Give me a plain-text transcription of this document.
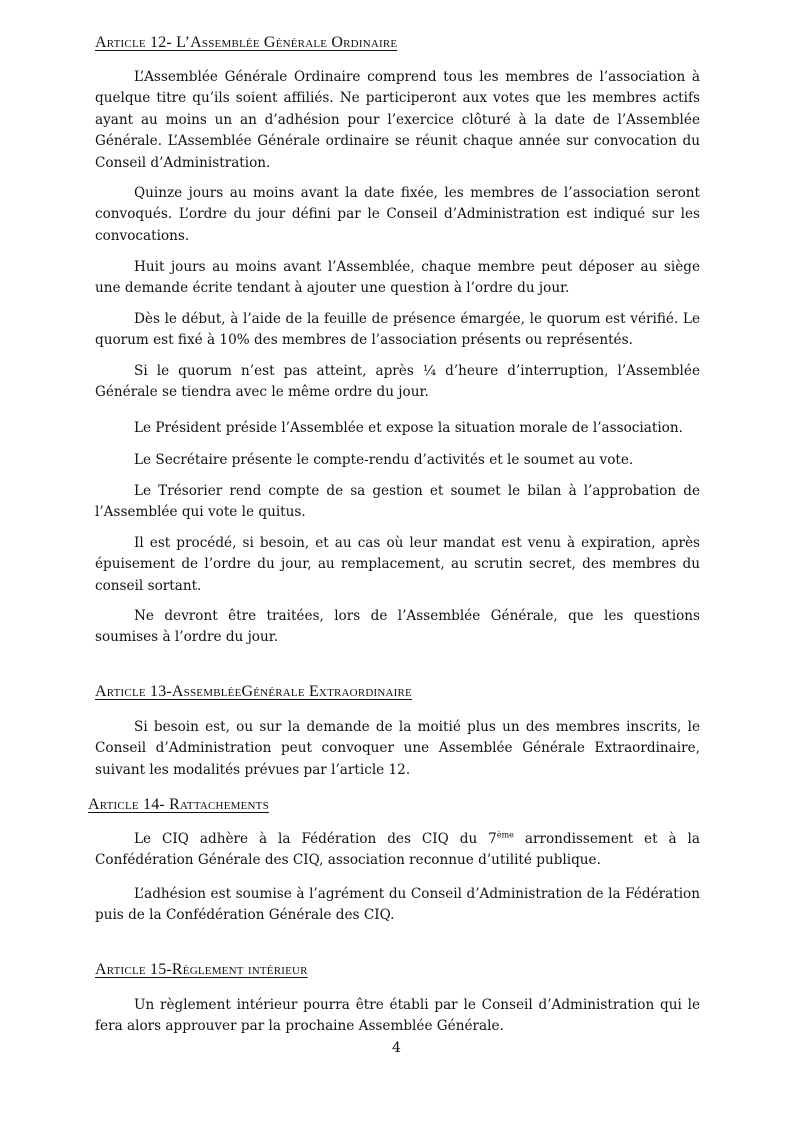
Article 12- L’Assemblée Générale Ordinaire

L’Assemblée Générale Ordinaire comprend tous les membres de l’association à quelque titre qu’ils soient affiliés. Ne participeront aux votes que les membres actifs ayant au moins un an d’adhésion pour l’exercice clôturé à la date de l’Assemblée Générale. L’Assemblée Générale ordinaire se réunit chaque année sur convocation du Conseil d’Administration.

Quinze jours au moins avant la date fixée, les membres de l’association seront convoqués. L’ordre du jour défini par le Conseil d’Administration est indiqué sur les convocations.

Huit jours au moins avant l’Assemblée, chaque membre peut déposer au siège une demande écrite tendant à ajouter une question à l’ordre du jour.

Dès le début, à l’aide de la feuille de présence émargée, le quorum est vérifié. Le quorum est fixé à 10% des membres de l’association présents ou représentés.

Si le quorum n’est pas atteint, après ¼ d’heure d’interruption, l’Assemblée Générale se tiendra avec le même ordre du jour.

Le Président préside l’Assemblée et expose la situation morale de l’association.

Le Secrétaire présente le compte-rendu d’activités et le soumet au vote.

Le Trésorier rend compte de sa gestion et soumet le bilan à l’approbation de l’Assemblée qui vote le quitus.

Il est procédé, si besoin, et au cas où leur mandat est venu à expiration, après épuisement de l’ordre du jour, au remplacement, au scrutin secret, des membres du conseil sortant.

Ne devront être traitées, lors de l’Assemblée Générale, que les questions soumises à l’ordre du jour.

Article 13-AssembléeGénérale Extraordinaire

Si besoin est, ou sur la demande de la moitié plus un des membres inscrits, le Conseil d’Administration peut convoquer une Assemblée Générale Extraordinaire, suivant les modalités prévues par l’article 12.

Article 14- Rattachements

Le CIQ adhère à la Fédération des CIQ du 7ème arrondissement et à la Confédération Générale des CIQ, association reconnue d’utilité publique.

L’adhésion est soumise à l’agrément du Conseil d’Administration de la Fédération puis de la Confédération Générale des CIQ.

Article 15-Règlement intérieur

Un règlement intérieur pourra être établi par le Conseil d’Administration qui le fera alors approuver par la prochaine Assemblée Générale.

4
